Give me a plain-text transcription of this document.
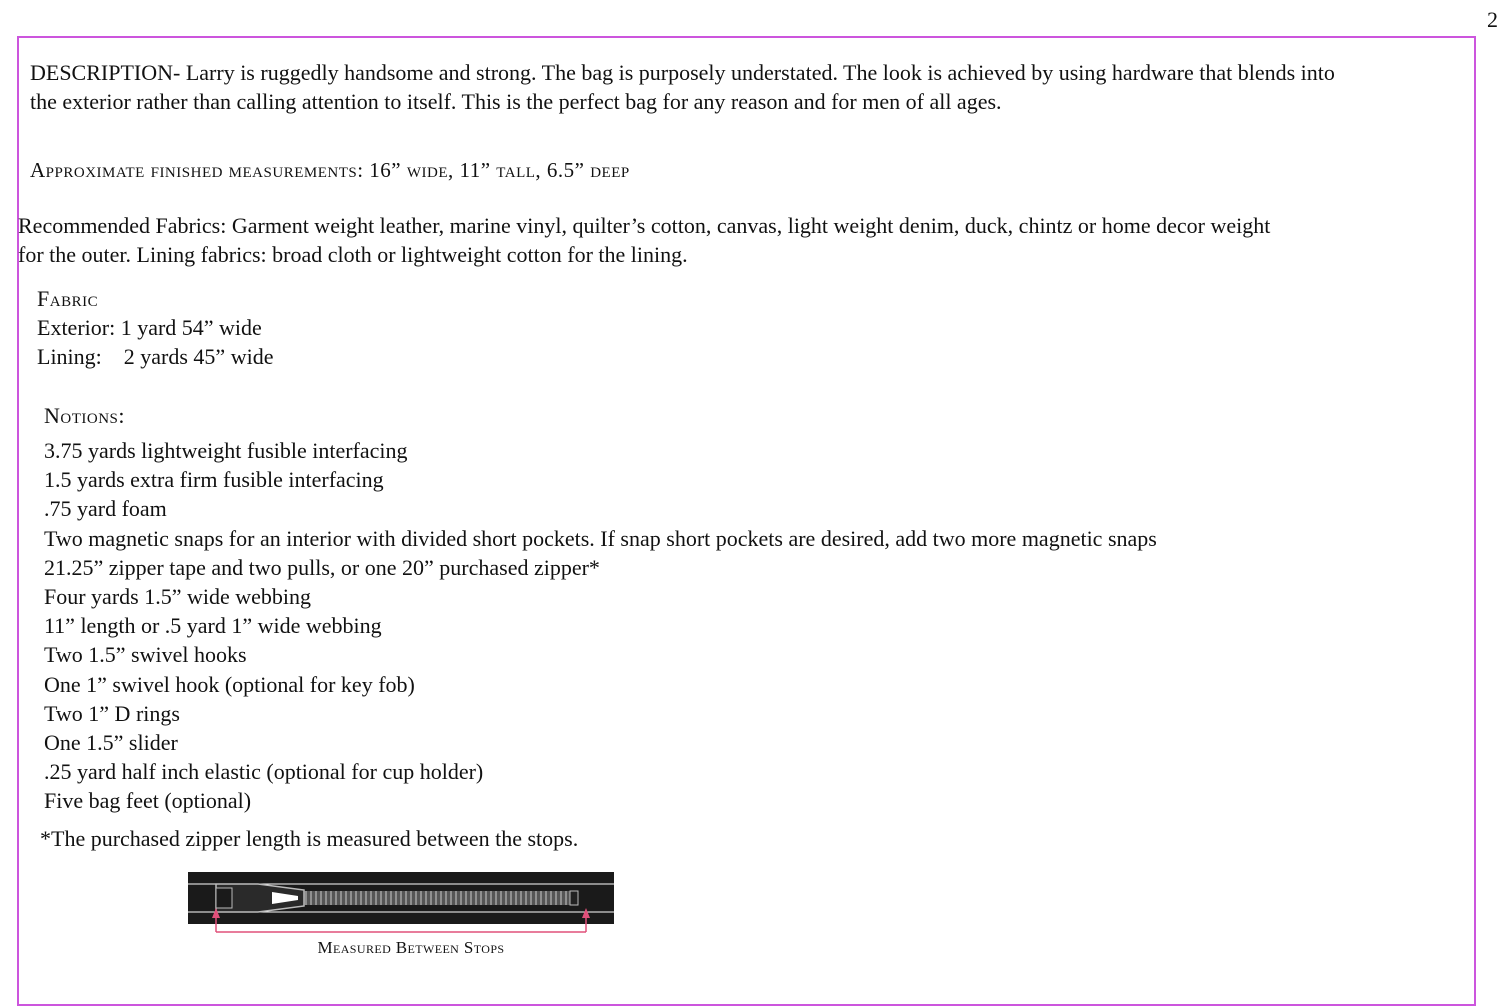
2
DESCRIPTION- Larry is ruggedly handsome and strong. The bag is purposely understated. The look is achieved by using hardware that blends into
the exterior rather than calling attention to itself. This is the perfect bag for any reason and for men of all ages.
Approximate finished measurements: 16” wide, 11” tall, 6.5” deep
Recommended Fabrics: Garment weight leather, marine vinyl, quilter’s cotton, canvas, light weight denim, duck, chintz or home decor weight
for the outer. Lining fabrics: broad cloth or lightweight cotton for the lining.
Fabric
Exterior: 1 yard 54” wide
Lining:    2 yards 45” wide
Notions:
3.75 yards lightweight fusible interfacing
1.5 yards extra firm fusible interfacing
.75 yard foam
Two magnetic snaps for an interior with divided short pockets. If snap short pockets are desired, add two more magnetic snaps
21.25” zipper tape and two pulls, or one 20” purchased zipper*
Four yards 1.5” wide webbing
11” length or .5 yard 1” wide webbing
Two 1.5” swivel hooks
One 1” swivel hook (optional for key fob)
Two 1” D rings
One 1.5” slider
.25 yard half inch elastic (optional for cup holder)
Five bag feet (optional)
*The purchased zipper length is measured between the stops.
Measured Between Stops
